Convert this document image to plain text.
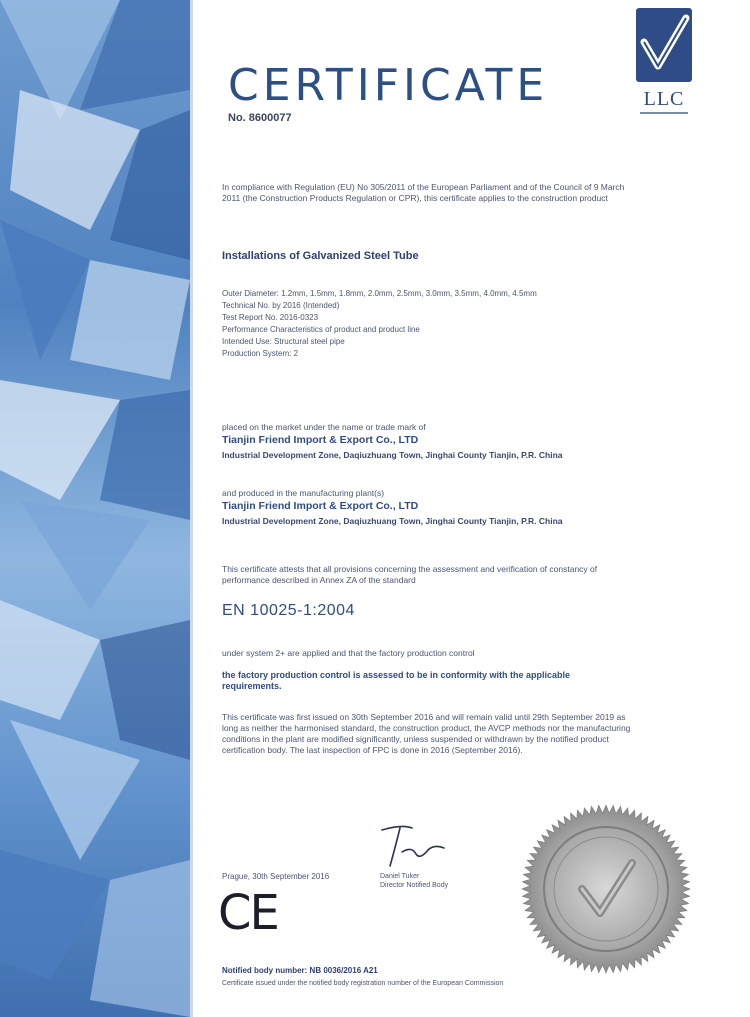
LLC
CERTIFICATE
No. 8600077
In compliance with Regulation (EU) No 305/2011 of the European Parliament and of the Council of 9 March 2011 (the Construction Products Regulation or CPR), this certificate applies to the construction product
Installations of Galvanized Steel Tube
Outer Diameter: 1.2mm, 1.5mm, 1.8mm, 2.0mm, 2.5mm, 3.0mm, 3.5mm, 4.0mm, 4.5mm
Technical No. by 2016 (Intended)
Test Report No. 2016-0323
Performance Characteristics of product and product line
Intended Use: Structural steel pipe
Production System: 2
placed on the market under the name or trade mark of
Tianjin Friend Import & Export Co., LTD
Industrial Development Zone, Daqiuzhuang Town, Jinghai County Tianjin, P.R. China
and produced in the manufacturing plant(s)
Tianjin Friend Import & Export Co., LTD
Industrial Development Zone, Daqiuzhuang Town, Jinghai County Tianjin, P.R. China
This certificate attests that all provisions concerning the assessment and verification of constancy of performance described in Annex ZA of the standard
EN 10025-1:2004
under system 2+ are applied and that the factory production control
the factory production control is assessed to be in conformity with the applicable requirements.
This certificate was first issued on 30th September 2016 and will remain valid until 29th September 2019 as long as neither the harmonised standard, the construction product, the AVCP methods nor the manufacturing conditions in the plant are modified significantly, unless suspended or withdrawn by the notified product certification body. The last inspection of FPC is done in 2016 (September 2016).
Prague, 30th September 2016	Daniel Tuker
Director Notified Body
CE
Notified body number: NB 0036/2016 A21
Certificate issued under the notified body registration number of the European Commission
